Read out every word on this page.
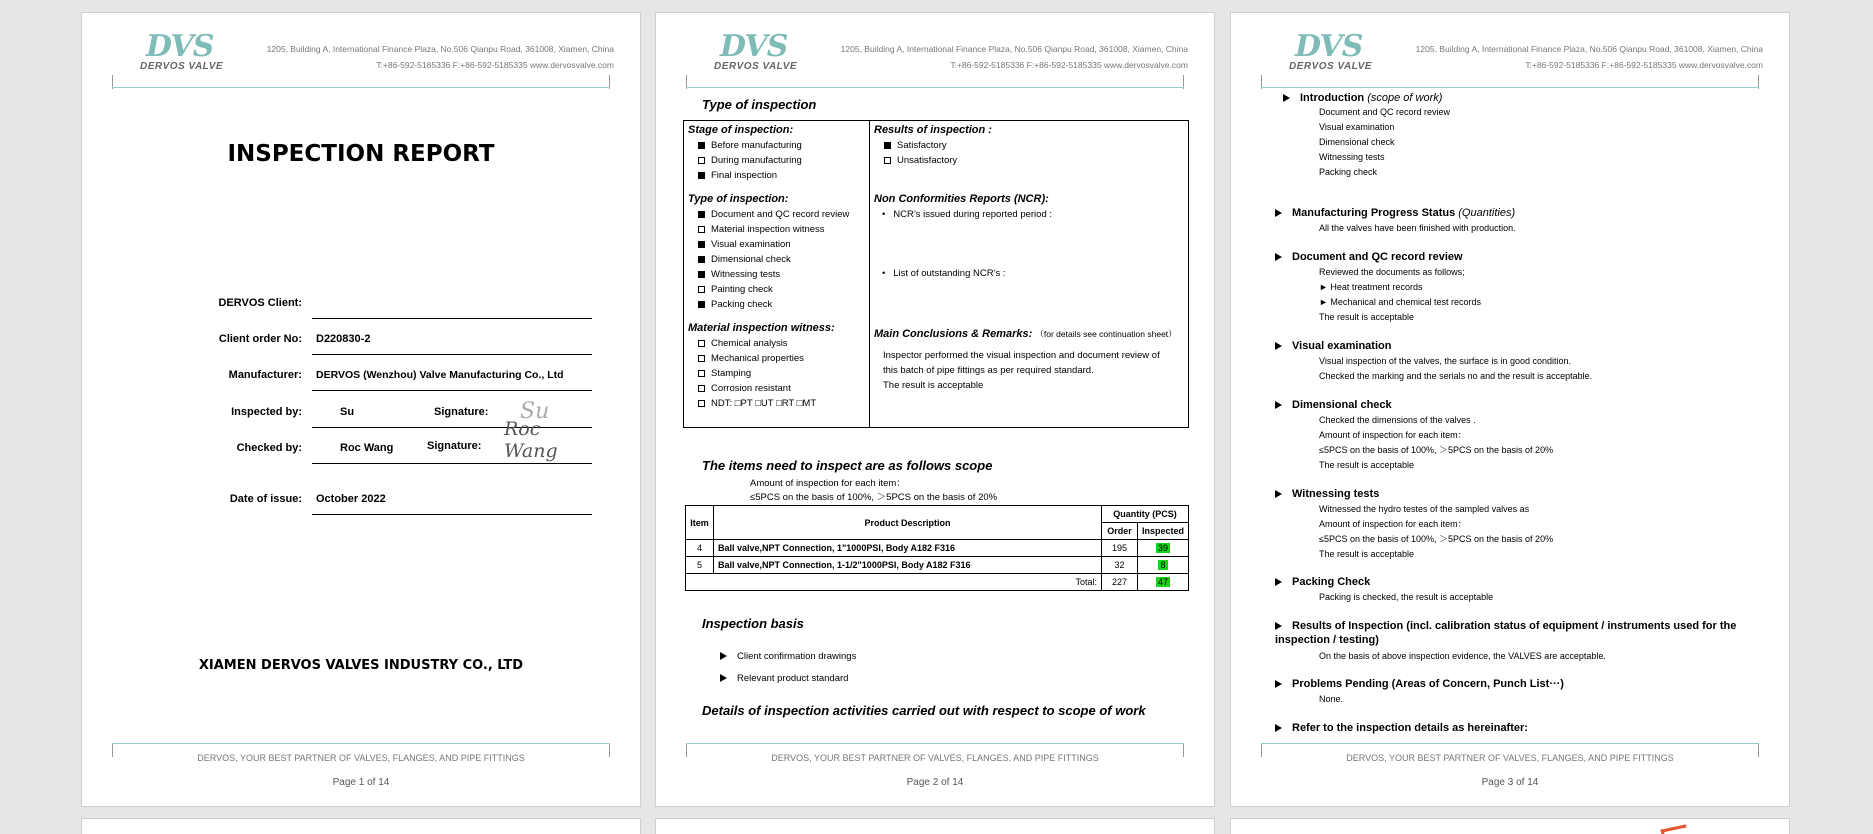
DVS
DERVOS VALVE
1205, Building A, International Finance Plaza, No.506 Qianpu Road, 361008, Xiamen, China
T:+86-592-5185336 F:+86-592-5185335 www.dervosvalve.com
INSPECTION REPORT
DERVOS Client:
Client order No: D220830-2
Manufacturer: DERVOS (Wenzhou) Valve Manufacturing Co., Ltd
Inspected by:	Su	Signature: Su
Checked by:	Roc Wang	Signature:
Roc Wang
Date of issue: October 2022
XIAMEN DERVOS VALVES INDUSTRY CO., LTD
DERVOS, YOUR BEST PARTNER OF VALVES, FLANGES, AND PIPE FITTINGS
Page 1 of 14
DVS
DERVOS VALVE
1205, Building A, International Finance Plaza, No.506 Qianpu Road, 361008, Xiamen, China
T:+86-592-5185336 F:+86-592-5185335 www.dervosvalve.com
Type of inspection
Stage of inspection:
Before manufacturing
During manufacturing
Final inspection
Type of inspection:
Document and QC record review
Material inspection witness
Visual examination
Dimensional check
Witnessing tests
Painting check
Packing check
Material inspection witness:
Chemical analysis
Mechanical properties
Stamping
Corrosion resistant
NDT: □PT □UT □RT □MT
Results of inspection :
Satisfactory
Unsatisfactory
Non Conformities Reports (NCR):
•   NCR’s issued during reported period :
•   List of outstanding NCR’s :
Main Conclusions & Remarks: （for details see continuation sheet）
Inspector performed the visual inspection and document review of this batch of pipe fittings as per required standard.
The result is acceptable
The items need to inspect are as follows scope
Amount of inspection for each item：
≤5PCS on the basis of 100%, ＞5PCS on the basis of 20%
Item	Product Description	Quantity (PCS)	
		Order	Inspected
4	Ball valve,NPT Connection, 1"1000PSI, Body A182 F316	195	39
5	Ball valve,NPT Connection, 1-1/2"1000PSI, Body A182 F316	32	8
Total:		227	47
Inspection basis
Client confirmation drawings
Relevant product standard
Details of inspection activities carried out with respect to scope of work
DERVOS, YOUR BEST PARTNER OF VALVES, FLANGES, AND PIPE FITTINGS
Page 2 of 14
DVS
DERVOS VALVE
1205, Building A, International Finance Plaza, No.506 Qianpu Road, 361008, Xiamen, China
T:+86-592-5185336 F:+86-592-5185335 www.dervosvalve.com
Introduction (scope of work)
Document and QC record review
Visual examination
Dimensional check
Witnessing tests
Packing check
Manufacturing Progress Status (Quantities)
All the valves have been finished with production.
Document and QC record review
Reviewed the documents as follows;
► Heat treatment records
► Mechanical and chemical test records
The result is acceptable
Visual examination
Visual inspection of the valves, the surface is in good condition.
Checked the marking and the serials no and the result is acceptable.
Dimensional check
Checked the dimensions of the valves .
Amount of inspection for each item：
≤5PCS on the basis of 100%, ＞5PCS on the basis of 20%
The result is acceptable
Witnessing tests
Witnessed the hydro testes of the sampled valves as
Amount of inspection for each item：
≤5PCS on the basis of 100%, ＞5PCS on the basis of 20%
The result is acceptable
Packing Check
Packing is checked, the result is acceptable
Results of Inspection (incl. calibration status of equipment / instruments used for the inspection / testing)
On the basis of above inspection evidence, the VALVES are acceptable.
Problems Pending (Areas of Concern, Punch List···)
None.
Refer to the inspection details as hereinafter:
DERVOS, YOUR BEST PARTNER OF VALVES, FLANGES, AND PIPE FITTINGS
Page 3 of 14
